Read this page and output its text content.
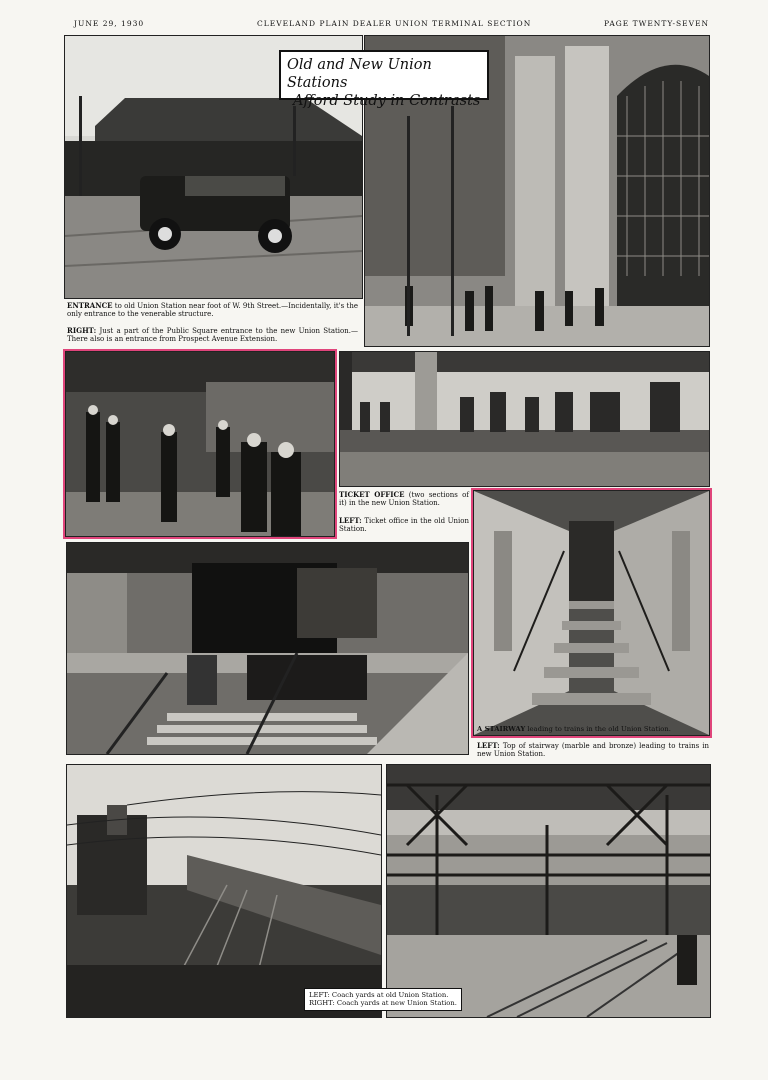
JUNE 29, 1930	CLEVELAND PLAIN DEALER UNION TERMINAL SECTION	PAGE TWENTY-SEVEN
Old and New Union Stations
Afford Study in Contrasts
ENTRANCE to old Union Station near foot of W. 9th Street.—Incidentally, it's the only entrance to the venerable structure.
RIGHT: Just a part of the Public Square entrance to the new Union Station.—There also is an entrance from Prospect Avenue Extension.
TICKET OFFICE (two sections of it) in the new Union Station.
LEFT: Ticket office in the old Union Station.
A STAIRWAY leading to trains in the old Union Station.
LEFT: Top of stairway (marble and bronze) leading to trains in new Union Station.
LEFT: Coach yards at old Union Station.
RIGHT: Coach yards at new Union Station.
